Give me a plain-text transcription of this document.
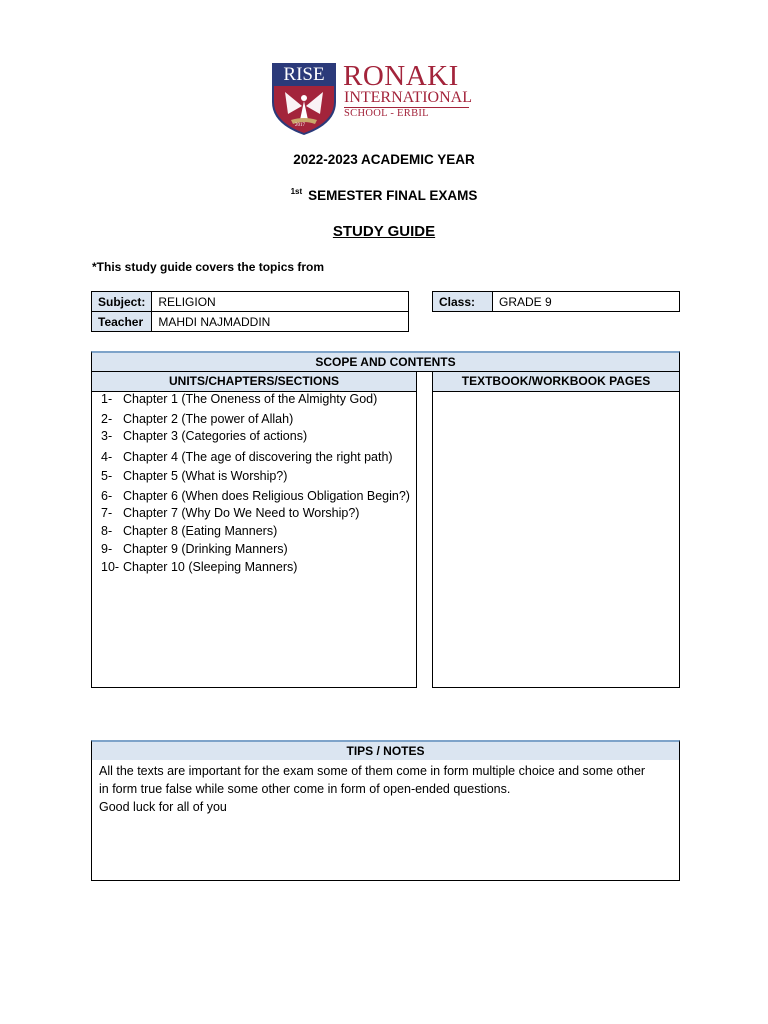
RISE
2017
RONAKI
INTERNATIONAL
SCHOOL - ERBIL
2022-2023 ACADEMIC YEAR
$^{1st}$ SEMESTER FINAL EXAMS
STUDY GUIDE
*This study guide covers the topics from
Subject:	RELIGION
Teacher	MAHDI NAJMADDIN
Class:	GRADE 9
SCOPE AND CONTENTS
UNITS/CHAPTERS/SECTIONS	TEXTBOOK/WORKBOOK PAGES
1- Chapter 1 (The Oneness of the Almighty God)
2- Chapter 2 (The power of Allah)
3- Chapter 3 (Categories of actions)
4- Chapter 4 (The age of discovering the right path)
5- Chapter 5 (What is Worship?)
6- Chapter 6 (When does Religious Obligation Begin?)
7- Chapter 7 (Why Do We Need to Worship?)
8- Chapter 8 (Eating Manners)
9- Chapter 9 (Drinking Manners)
10- Chapter 10 (Sleeping Manners)
TIPS / NOTES

All the texts are important for the exam some of them come in form multiple choice and some other

in form true false while some other come in form of open-ended questions.

Good luck for all of you
